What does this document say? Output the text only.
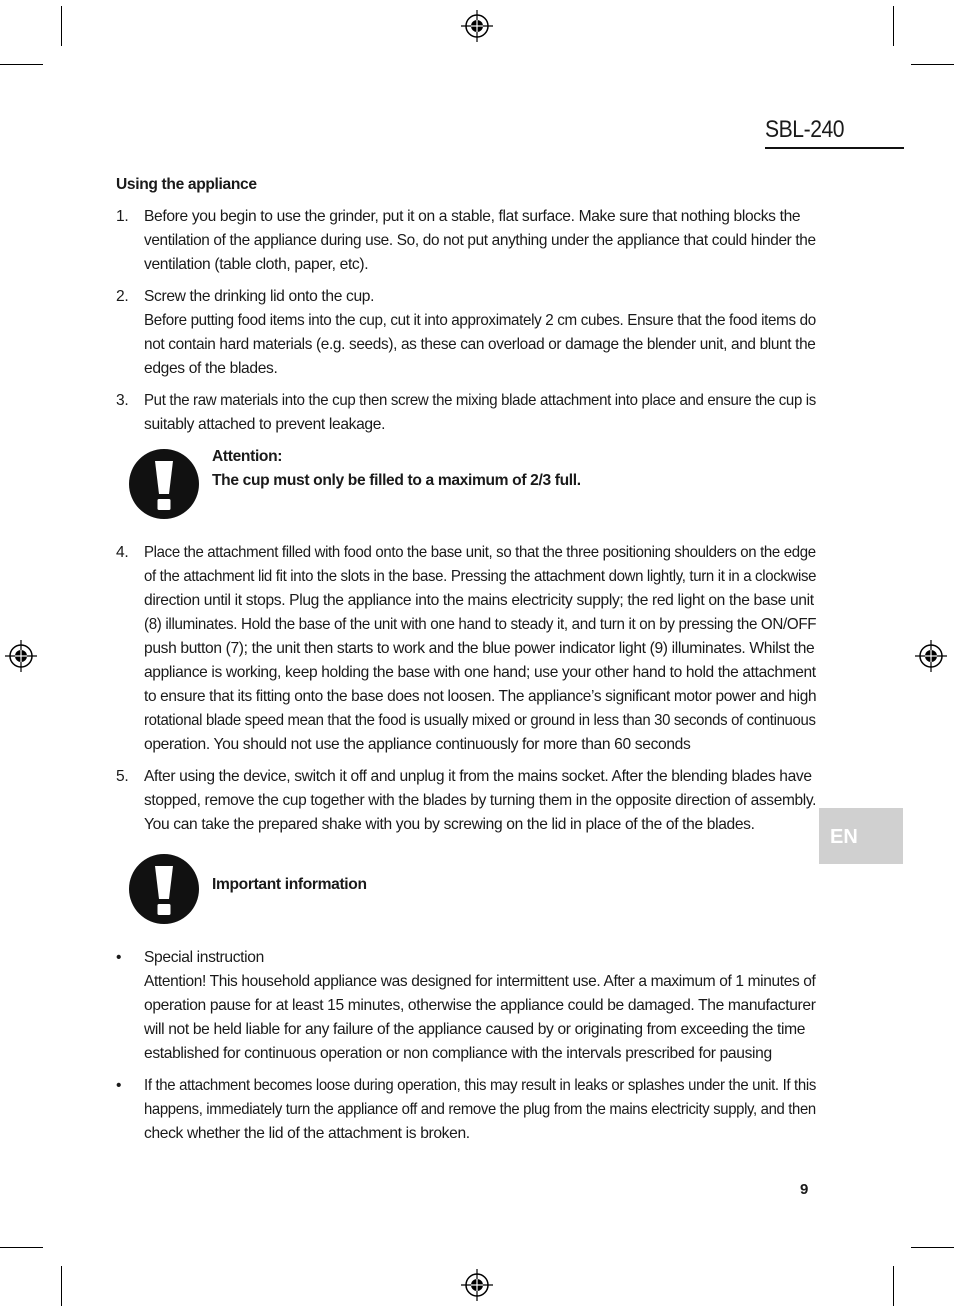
SBL-240
EN
Using the appliance
1. Before you begin to use the grinder, put it on a stable, flat surface. Make sure that nothing blocks the
ventilation of the appliance during use. So, do not put anything under the appliance that could hinder the
ventilation (table cloth, paper, etc).
2. Screw the drinking lid onto the cup.
Before putting food items into the cup, cut it into approximately 2 cm cubes. Ensure that the food items do
not contain hard materials (e.g. seeds), as these can overload or damage the blender unit, and blunt the
edges of the blades.
3. Put the raw materials into the cup then screw the mixing blade attachment into place and ensure the cup is
suitably attached to prevent leakage.
Attention:
The cup must only be filled to a maximum of 2/3 full.
4. Place the attachment filled with food onto the base unit, so that the three positioning shoulders on the edge
of the attachment lid fit into the slots in the base. Pressing the attachment down lightly, turn it in a clockwise
direction until it stops. Plug the appliance into the mains electricity supply; the red light on the base unit
(8) illuminates. Hold the base of the unit with one hand to steady it, and turn it on by pressing the ON/OFF
push button (7); the unit then starts to work and the blue power indicator light (9) illuminates. Whilst the
appliance is working, keep holding the base with one hand; use your other hand to hold the attachment
to ensure that its fitting onto the base does not loosen. The appliance’s significant motor power and high
rotational blade speed mean that the food is usually mixed or ground in less than 30 seconds of continuous
operation. You should not use the appliance continuously for more than 60 seconds
5. After using the device, switch it off and unplug it from the mains socket. After the blending blades have
stopped, remove the cup together with the blades by turning them in the opposite direction of assembly.
You can take the prepared shake with you by screwing on the lid in place of the of the blades.
Important information
• Special instruction
Attention! This household appliance was designed for intermittent use. After a maximum of 1 minutes of
operation pause for at least 15 minutes, otherwise the appliance could be damaged. The manufacturer
will not be held liable for any failure of the appliance caused by or originating from exceeding the time
established for continuous operation or non compliance with the intervals prescribed for pausing
• If the attachment becomes loose during operation, this may result in leaks or splashes under the unit. If this
happens, immediately turn the appliance off and remove the plug from the mains electricity supply, and then
check whether the lid of the attachment is broken.
9
